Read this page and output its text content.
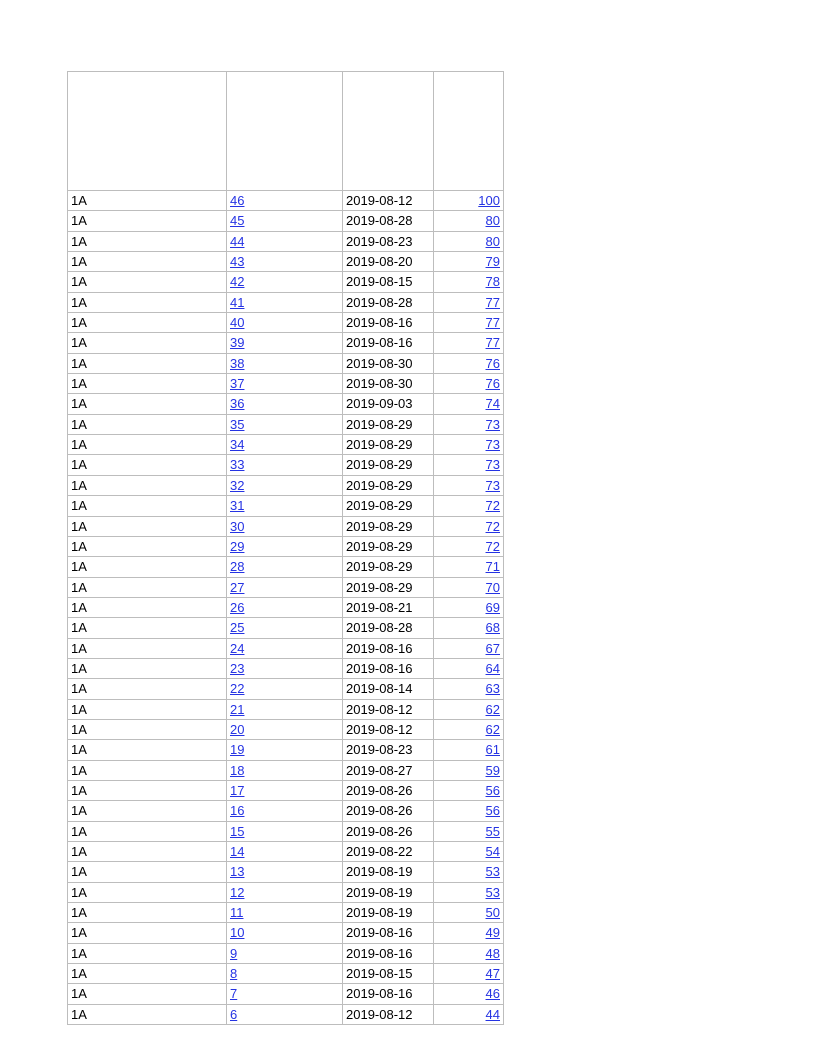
1A	46	2019-08-12	100
1A	45	2019-08-28	80
1A	44	2019-08-23	80
1A	43	2019-08-20	79
1A	42	2019-08-15	78
1A	41	2019-08-28	77
1A	40	2019-08-16	77
1A	39	2019-08-16	77
1A	38	2019-08-30	76
1A	37	2019-08-30	76
1A	36	2019-09-03	74
1A	35	2019-08-29	73
1A	34	2019-08-29	73
1A	33	2019-08-29	73
1A	32	2019-08-29	73
1A	31	2019-08-29	72
1A	30	2019-08-29	72
1A	29	2019-08-29	72
1A	28	2019-08-29	71
1A	27	2019-08-29	70
1A	26	2019-08-21	69
1A	25	2019-08-28	68
1A	24	2019-08-16	67
1A	23	2019-08-16	64
1A	22	2019-08-14	63
1A	21	2019-08-12	62
1A	20	2019-08-12	62
1A	19	2019-08-23	61
1A	18	2019-08-27	59
1A	17	2019-08-26	56
1A	16	2019-08-26	56
1A	15	2019-08-26	55
1A	14	2019-08-22	54
1A	13	2019-08-19	53
1A	12	2019-08-19	53
1A	11	2019-08-19	50
1A	10	2019-08-16	49
1A	9	2019-08-16	48
1A	8	2019-08-15	47
1A	7	2019-08-16	46
1A	6	2019-08-12	44
